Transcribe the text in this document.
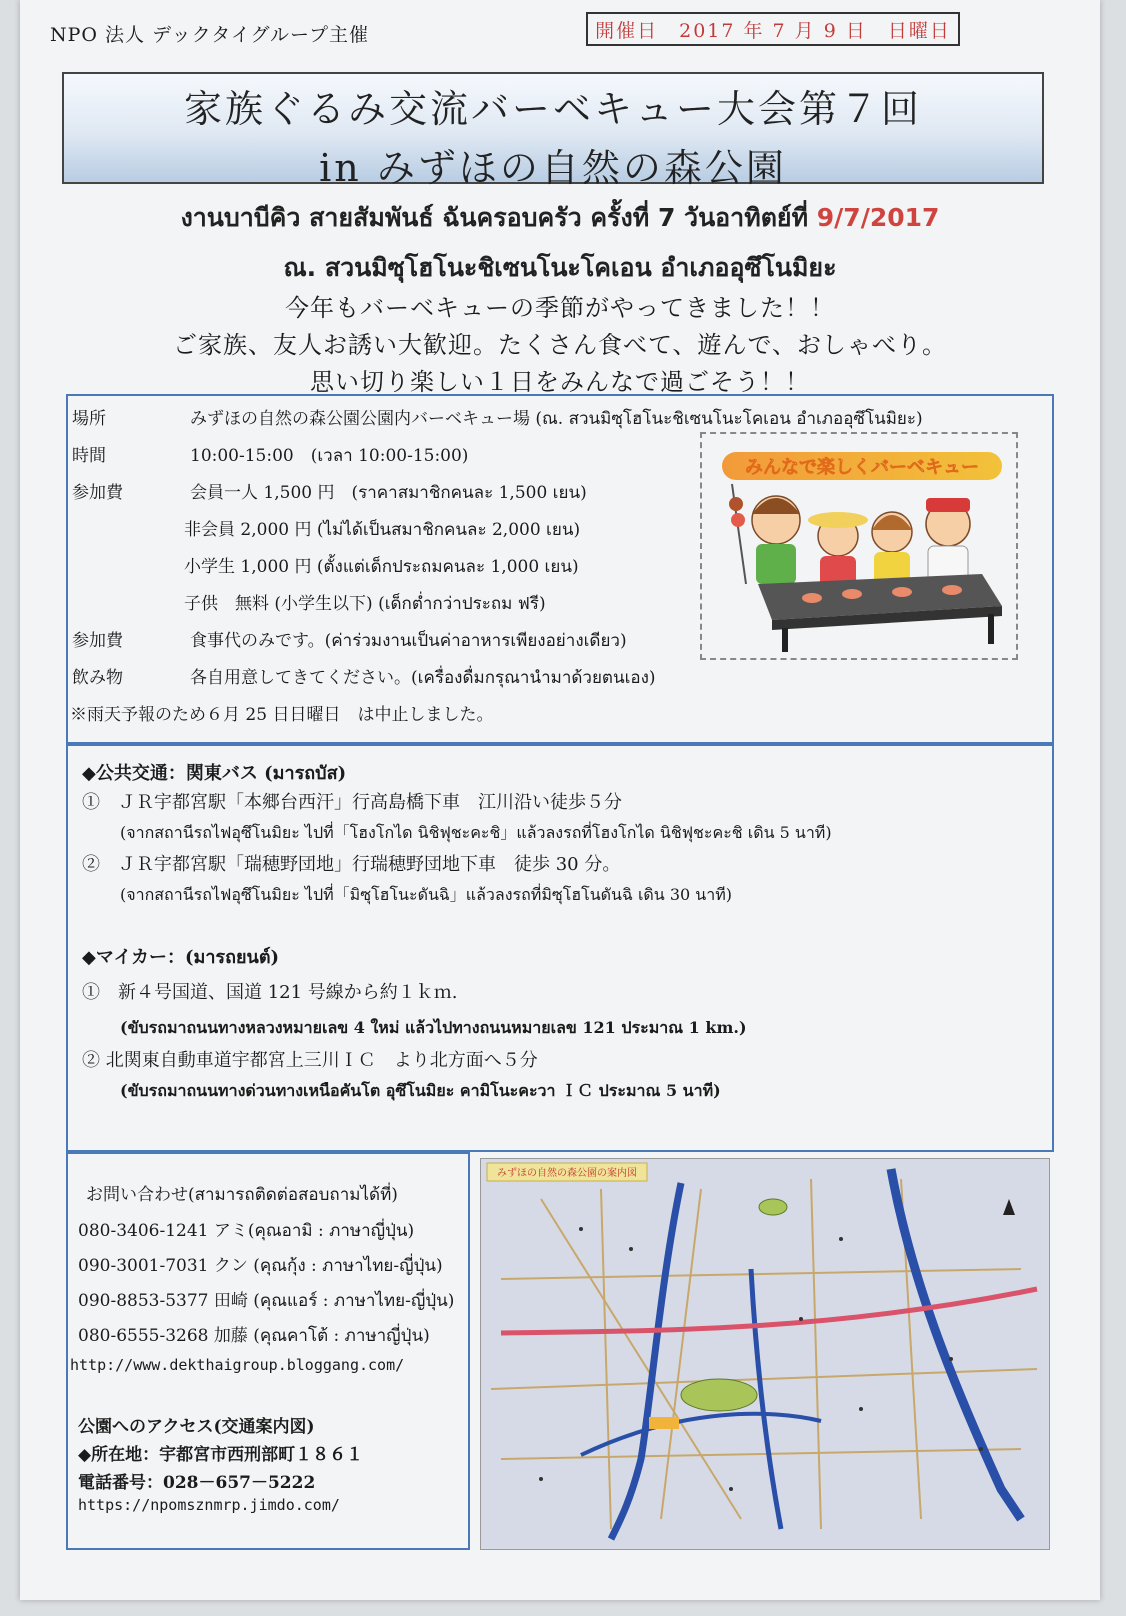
NPO 法人 デックタイグループ主催	開催日　2017 年 7 月 9 日　日曜日
家族ぐるみ交流バーベキュー大会第７回
in みずほの自然の森公園
งานบาบีคิว สายสัมพันธ์ ฉันครอบครัว ครั้งที่ 7 วันอาทิตย์ที่ 9/7/2017
ณ. สวนมิซุโฮโนะชิเซนโนะโคเอน อำเภออุซึโนมิยะ
今年もバーベキューの季節がやってきました！！
ご家族、友人お誘い大歓迎。たくさん食べて、遊んで、おしゃべり。
思い切り楽しい１日をみんなで過ごそう！！
場所	みずほの自然の森公園公園内バーベキュー場 (ณ. สวนมิซุโฮโนะชิเซนโนะโคเอน อำเภออุซึโนมิยะ)
時間	10:00-15:00　(เวลา 10:00-15:00)
参加費	会員一人 1,500 円　(ราคาสมาชิกคนละ 1,500 เยน)
非会員 2,000 円 (ไม่ได้เป็นสมาชิกคนละ 2,000 เยน)
小学生 1,000 円 (ตั้งแต่เด็กประถมคนละ 1,000 เยน)
子供　無料 (小学生以下) (เด็กต่ำกว่าประถม ฟรี)
参加費	食事代のみです。(ค่าร่วมงานเป็นค่าอาหารเพียงอย่างเดียว)
飲み物	各自用意してきてください。(เครื่องดื่มกรุณานำมาด้วยตนเอง)
※雨天予報のため６月 25 日日曜日　は中止しました。
みんなで楽しくバーベキュー
◆公共交通：関東バス (มารถบัส)
①　ＪＲ宇都宮駅「本郷台西汗」行高島橋下車　江川沿い徒歩５分
(จากสถานีรถไฟอุซึโนมิยะ ไปที่「โฮงโกได นิชิฟุชะคะชิ」แล้วลงรถที่โฮงโกได นิชิฟุชะคะชิ เดิน 5 นาที)
②　ＪＲ宇都宮駅「瑞穂野団地」行瑞穂野団地下車　徒歩 30 分。
(จากสถานีรถไฟอุซึโนมิยะ ไปที่「มิซุโฮโนะดันฉิ」แล้วลงรถที่มิซุโฮโนดันฉิ เดิน 30 นาที)
◆マイカー：(มารถยนต์)
①　新４号国道、国道 121 号線から約１ｋｍ.
(ขับรถมาถนนทางหลวงหมายเลข 4 ใหม่ แล้วไปทางถนนหมายเลข 121 ประมาณ 1 km.)
② 北関東自動車道宇都宮上三川ＩＣ　より北方面へ５分
(ขับรถมาถนนทางด่วนทางเหนือคันโต อุซึโนมิยะ คามิโนะคะวา ＩＣ ประมาณ 5 นาที)
お問い合わせ(สามารถติดต่อสอบถามได้ที่)
080-3406-1241 アミ(คุณอามิ : ภาษาญี่ปุ่น)
090-3001-7031 クン (คุณกุ้ง : ภาษาไทย-ญี่ปุ่น)
090-8853-5377 田崎 (คุณแอร์ : ภาษาไทย-ญี่ปุ่น)
080-6555-3268 加藤 (คุณคาโต้ : ภาษาญี่ปุ่น)
http://www.dekthaigroup.bloggang.com/
公園へのアクセス(交通案内図)
◆所在地：宇都宮市西刑部町１８６１
電話番号：028－657－5222
https://npomsznmrp.jimdo.com/
みずほの自然の森公園の案内図
